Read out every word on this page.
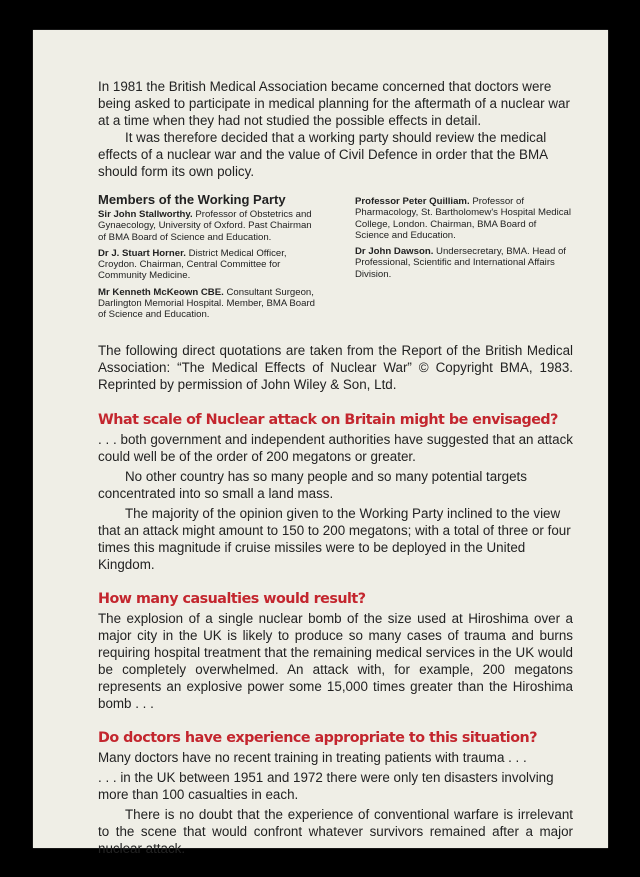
In 1981 the British Medical Association became concerned that doctors were being asked to participate in medical planning for the aftermath of a nuclear war at a time when they had not studied the possible effects in detail.

It was therefore decided that a working party should review the medical effects of a nuclear war and the value of Civil Defence in order that the BMA should form its own policy.

Members of the Working Party

Sir John Stallworthy. Professor of Obstetrics and Gynaecology, University of Oxford. Past Chairman of BMA Board of Science and Education.

Dr J. Stuart Horner. District Medical Officer, Croydon. Chairman, Central Committee for Community Medicine.

Mr Kenneth McKeown CBE. Consultant Surgeon, Darlington Memorial Hospital. Member, BMA Board of Science and Education.

Professor Peter Quilliam. Professor of Pharmacology, St. Bartholomew's Hospital Medical College, London. Chairman, BMA Board of Science and Education.

Dr John Dawson. Undersecretary, BMA. Head of Professional, Scientific and International Affairs Division.

The following direct quotations are taken from the Report of the British Medical Association: “The Medical Effects of Nuclear War” © Copyright BMA, 1983. Reprinted by permission of John Wiley & Son, Ltd.

What scale of Nuclear attack on Britain might be envisaged?

. . . both government and independent authorities have suggested that an attack could well be of the order of 200 megatons or greater.

No other country has so many people and so many potential targets concentrated into so small a land mass.

The majority of the opinion given to the Working Party inclined to the view that an attack might amount to 150 to 200 megatons; with a total of three or four times this magnitude if cruise missiles were to be deployed in the United Kingdom.

How many casualties would result?

The explosion of a single nuclear bomb of the size used at Hiroshima over a major city in the UK is likely to produce so many cases of trauma and burns requiring hospital treatment that the remaining medical services in the UK would be completely overwhelmed. An attack with, for example, 200 megatons represents an explosive power some 15,000 times greater than the Hiroshima bomb . . .

Do doctors have experience appropriate to this situation?

Many doctors have no recent training in treating patients with trauma . . .

. . . in the UK between 1951 and 1972 there were only ten disasters involving more than 100 casualties in each.

There is no doubt that the experience of conventional warfare is irrelevant to the scene that would confront whatever survivors remained after a major nuclear attack.
